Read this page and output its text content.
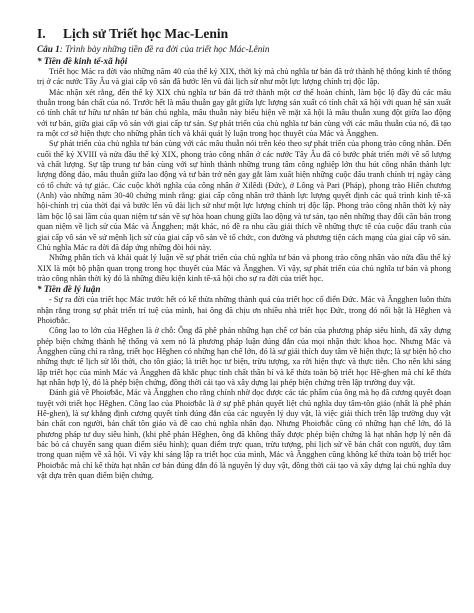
I. Lịch sử Triết học Mac-Lenin
Câu 1: Trình bày những tiền đề ra đời của triết học Mác-Lênin
* Tiền đề kinh tế-xã hội

Triết học Mác ra đời vào những năm 40 của thế kỷ XIX, thời kỳ mà chủ nghĩa tư bản đã trở thành hệ thống kinh tế thống trị ở các nước Tây Âu và giai cấp vô sản đã bước lên vũ đài lịch sử như một lực lượng chính trị độc lập.

Mác nhận xét rằng, đến thế kỷ XIX chủ nghĩa tư bản đã trở thành một cơ thể hoàn chỉnh, làm bộc lộ đầy đủ các mâu thuẫn trong bản chất của nó. Trước hết là mâu thuẫn gay gắt giữa lực lượng sản xuất có tính chất xã hội với quan hệ sản xuất có tính chất tư hữu tư nhân tư bản chủ nghĩa, mâu thuẫn này biểu hiện về mặt xã hội là mâu thuẫn xung đột giữa lao động với tư bản, giữa giai cấp vô sản với giai cấp tư sản. Sự phát triển của chủ nghĩa tư bản cùng với các mâu thuẫn của nó, đã tạo ra một cơ sở hiện thực cho những phân tích và khái quát lý luận trong học thuyết của Mác và Ăngghen.

Sự phát triển của chủ nghĩa tư bản cùng với các mâu thuẫn nói trên kéo theo sự phát triển của phong trào công nhân. Đến cuối thế kỷ XVIII và nửa đầu thế kỷ XIX, phong trào công nhân ở các nước Tây Âu đã có bước phát triển mới về số lượng và chất lượng. Sự tập trung tư bản cùng với sự hình thành những trung tâm công nghiệp lớn thu hút công nhân thành lực lượng đông đảo, mâu thuẫn giữa lao động và tư bản trở nên gay gắt làm xuất hiện những cuộc đấu tranh chính trị ngày càng có tổ chức và tự giác. Các cuộc khởi nghĩa của công nhân ở Xilêdi (Đức), ở Lông và Pari (Pháp), phong trào Hiến chương (Anh) vào những năm 30-40 chứng minh rằng: giai cấp công nhân trở thành lực lượng quyết định các quá trình kinh tế-xã hội-chính trị của thời đại và bước lên vũ đài lịch sử như một lực lượng chính trị độc lập. Phong trào công nhân thời kỳ này làm bộc lộ sai lầm của quan niệm tư sản về sự hòa hoan chung giữa lao động và tư sản, tạo nên những thay đổi căn bản trong quan niệm về lịch sử của Mác và Ăngghen; mặt khác, nó đề ra nhu cầu giải thích về những thực tế của cuộc đấu tranh của giai cấp vô sản về sứ mệnh lịch sử của giai cấp vô sản về tổ chức, con đường và phương tiện cách mạng của giai cấp vô sản. Chủ nghĩa Mác ra đời đã đáp ứng những đòi hỏi này.

Những phân tích và khái quát lý luận về sự phát triển của chủ nghĩa tư bản và phong trào công nhân vào nửa đầu thế kỷ XIX là một bộ phận quan trọng trong học thuyết của Mác và Ăngghen. Vì vậy, sự phát triển của chủ nghĩa tư bản và phong trào công nhân thời kỳ đó là những điều kiện kinh tế-xã hội cho sự ra đời của triết học.

* Tiền đề lý luận

- Sự ra đời của triết học Mác trước hết có kế thừa những thành quả của triết học cổ điển Đức. Mác và Ăngghen luôn thừa nhận rằng trong sự phát triển trí tuệ của mình, hai ông đã chịu ơn nhiều nhà triết học Đức, trong đó nổi bật là Hêghen và Phoiơbắc.

Công lao to lớn của Hêghen là ở chỗ: Ông đã phê phán những hạn chế cơ bản của phương pháp siêu hình, đã xây dựng phép biện chứng thành hệ thống và xem nó là phương pháp luận đúng đắn của mọi nhận thức khoa học. Nhưng Mác và Ăngghen cũng chỉ ra rằng, triết học Hêghen có những hạn chế lớn, đó là sự giải thích duy tâm về hiện thực; là sự biện hộ cho những thực tế lịch sử lỗi thời, cho tôn giáo; là triết học tư biện, trừu tượng, xa rời hiện thực và thực tiễn. Cho nên khi sáng lập triết học của mình Mác và Ăngghen đã khắc phục tính chất thần bí và kế thừa toàn bộ triết học Hê-ghen mà chỉ kế thừa hạt nhân hợp lý, đó là phép biện chứng, đồng thời cải tạo và xây dựng lại phép biện chứng trên lập trường duy vật.

Đánh giá về Phoiơbắc, Mác và Ăngghen cho rằng chính nhờ đọc được các tác phẩm của ông mà họ đã cương quyết đoạn tuyệt với triết học Hêghen. Công lao của Phoiơbắc là ở sự phê phán quyết liệt chủ nghĩa duy tâm-tôn giáo (nhất là phê phán Hê-ghen), là sự khẳng định cương quyết tính đúng đắn của các nguyên lý duy vật, là việc giải thích trên lập trường duy vật bản chất con người, bản chất tôn giáo và đề cao chủ nghĩa nhân đạo. Nhưng Phoiơbắc cũng có những hạn chế lớn, đó là phương pháp tư duy siêu hình, (khi phê phán Hêghen, ông đã không thấy được phép biện chứng là hạt nhân hợp lý nên đã bác bỏ cả chuyến sang quan điểm siêu hình); quan điểm trực quan, trừu tượng, phi lịch sử về bản chất con người, duy tâm trong quan niệm về xã hội. Vì vậy khi sáng lập ra triết học của mình, Mác và Ăngghen cũng không kế thừa toàn bộ triết học Phoiơbắc mà chỉ kế thừa hạt nhân cơ bản đúng đắn đó là nguyên lý duy vật, đồng thời cải tạo và xây dựng lại chủ nghĩa duy vật dựa trên quan điểm biện chứng.
